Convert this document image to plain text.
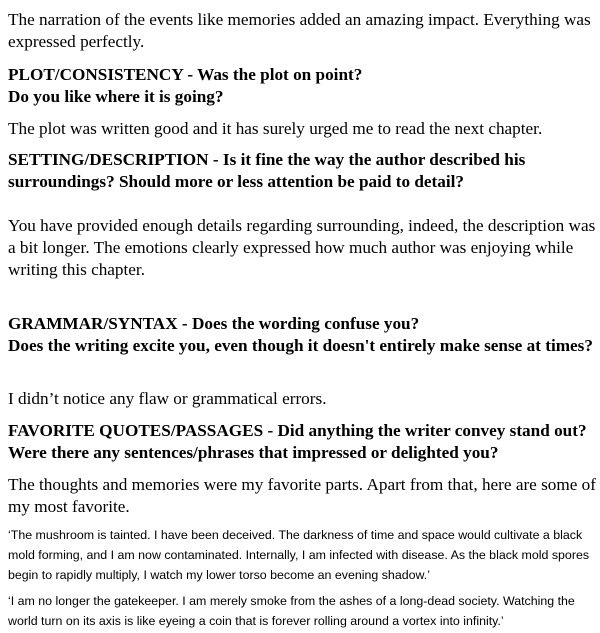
The narration of the events like memories added an amazing impact. Everything was expressed perfectly.

PLOT/CONSISTENCY - Was the plot on point?
Do you like where it is going?

The plot was written good and it has surely urged me to read the next chapter.

SETTING/DESCRIPTION - Is it fine the way the author described his surroundings? Should more or less attention be paid to detail?

You have provided enough details regarding surrounding, indeed, the description was a bit longer. The emotions clearly expressed how much author was enjoying while writing this chapter.

GRAMMAR/SYNTAX - Does the wording confuse you?
Does the writing excite you, even though it doesn't entirely make sense at times?

I didn’t notice any flaw or grammatical errors.

FAVORITE QUOTES/PASSAGES - Did anything the writer convey stand out? Were there any sentences/phrases that impressed or delighted you?

The thoughts and memories were my favorite parts. Apart from that, here are some of my most favorite.

‘The mushroom is tainted. I have been deceived. The darkness of time and space would cultivate a black mold forming, and I am now contaminated. Internally, I am infected with disease. As the black mold spores begin to rapidly multiply, I watch my lower torso become an evening shadow.’

‘I am no longer the gatekeeper. I am merely smoke from the ashes of a long-dead society. Watching the world turn on its axis is like eyeing a coin that is forever rolling around a vortex into infinity.’
